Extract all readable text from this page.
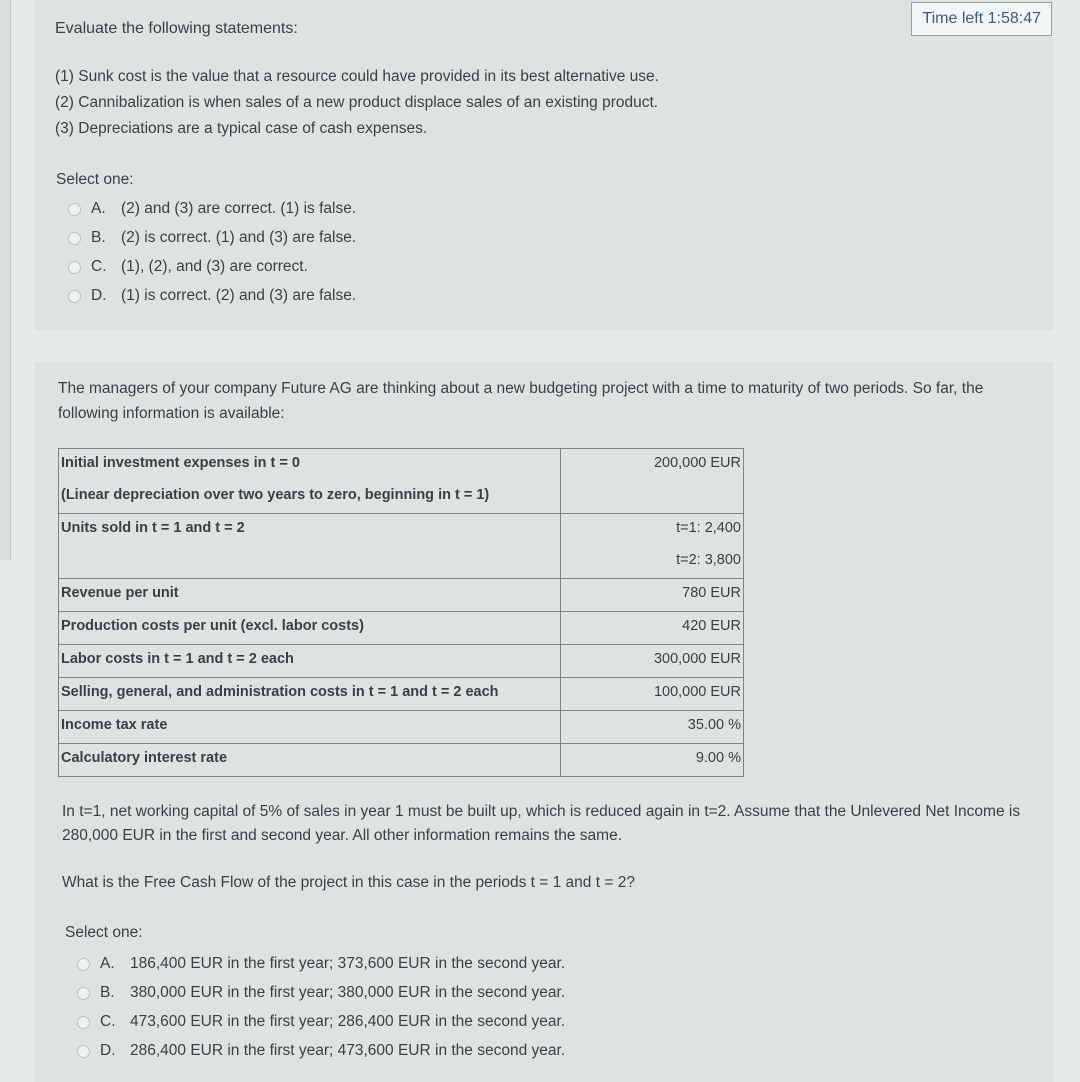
Evaluate the following statements:
(1) Sunk cost is the value that a resource could have provided in its best alternative use.
(2) Cannibalization is when sales of a new product displace sales of an existing product.
(3) Depreciations are a typical case of cash expenses.
Select one:
A. (2) and (3) are correct. (1) is false.
B. (2) is correct. (1) and (3) are false.
C. (1), (2), and (3) are correct.
D. (1) is correct. (2) and (3) are false.
Time left 1:58:47
The managers of your company Future AG are thinking about a new budgeting project with a time to maturity of two periods. So far, the following information is available:
Initial investment expenses in t = 0
(Linear depreciation over two years to zero, beginning in t = 1)	200,000 EUR

Units sold in t = 1 and t = 2	t=1: 2,400
t=2: 3,800

Revenue per unit	780 EUR
Production costs per unit (excl. labor costs)	420 EUR
Labor costs in t = 1 and t = 2 each	300,000 EUR
Selling, general, and administration costs in t = 1 and t = 2 each	100,000 EUR
Income tax rate	35.00 %
Calculatory interest rate	9.00 %
In t=1, net working capital of 5% of sales in year 1 must be built up, which is reduced again in t=2. Assume that the Unlevered Net Income is 280,000 EUR in the first and second year. All other information remains the same.
What is the Free Cash Flow of the project in this case in the periods t = 1 and t = 2?
Select one:
A. 186,400 EUR in the first year; 373,600 EUR in the second year.
B. 380,000 EUR in the first year; 380,000 EUR in the second year.
C. 473,600 EUR in the first year; 286,400 EUR in the second year.
D. 286,400 EUR in the first year; 473,600 EUR in the second year.
